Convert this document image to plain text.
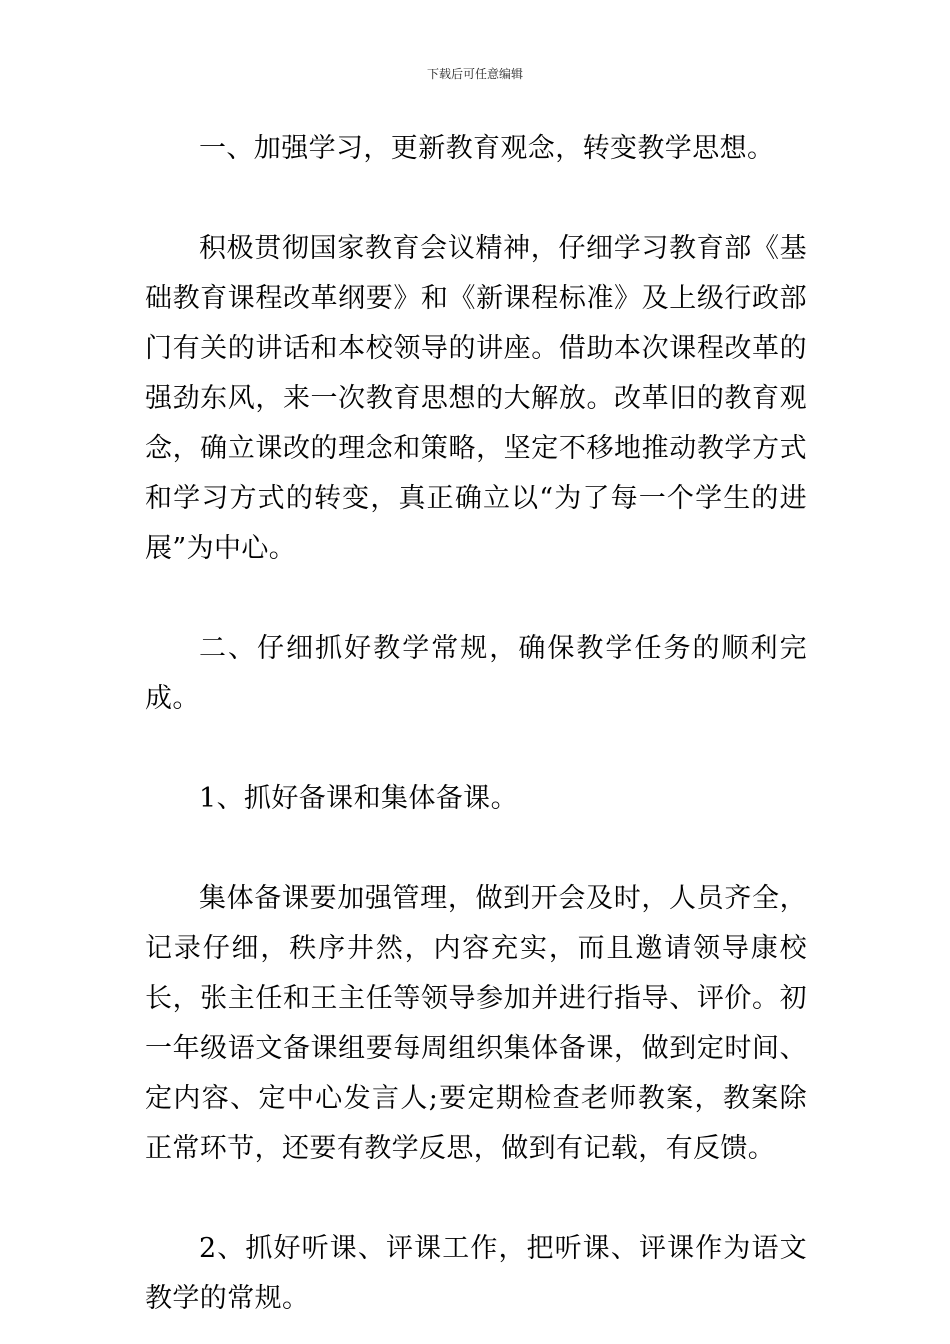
下载后可任意编辑

一、加强学习，更新教育观念，转变教学思想。

积极贯彻国家教育会议精神，仔细学习教育部《基础教育课程改革纲要》和《新课程标准》及上级行政部门有关的讲话和本校领导的讲座。借助本次课程改革的强劲东风，来一次教育思想的大解放。改革旧的教育观念，确立课改的理念和策略，坚定不移地推动教学方式和学习方式的转变，真正确立以“为了每一个学生的进展”为中心。

二、仔细抓好教学常规，确保教学任务的顺利完成。

1、抓好备课和集体备课。

集体备课要加强管理，做到开会及时，人员齐全，记录仔细，秩序井然，内容充实，而且邀请领导康校长，张主任和王主任等领导参加并进行指导、评价。初一年级语文备课组要每周组织集体备课，做到定时间、定内容、定中心发言人;要定期检查老师教案，教案除正常环节，还要有教学反思，做到有记载，有反馈。

2、抓好听课、评课工作，把听课、评课作为语文教学的常规。
